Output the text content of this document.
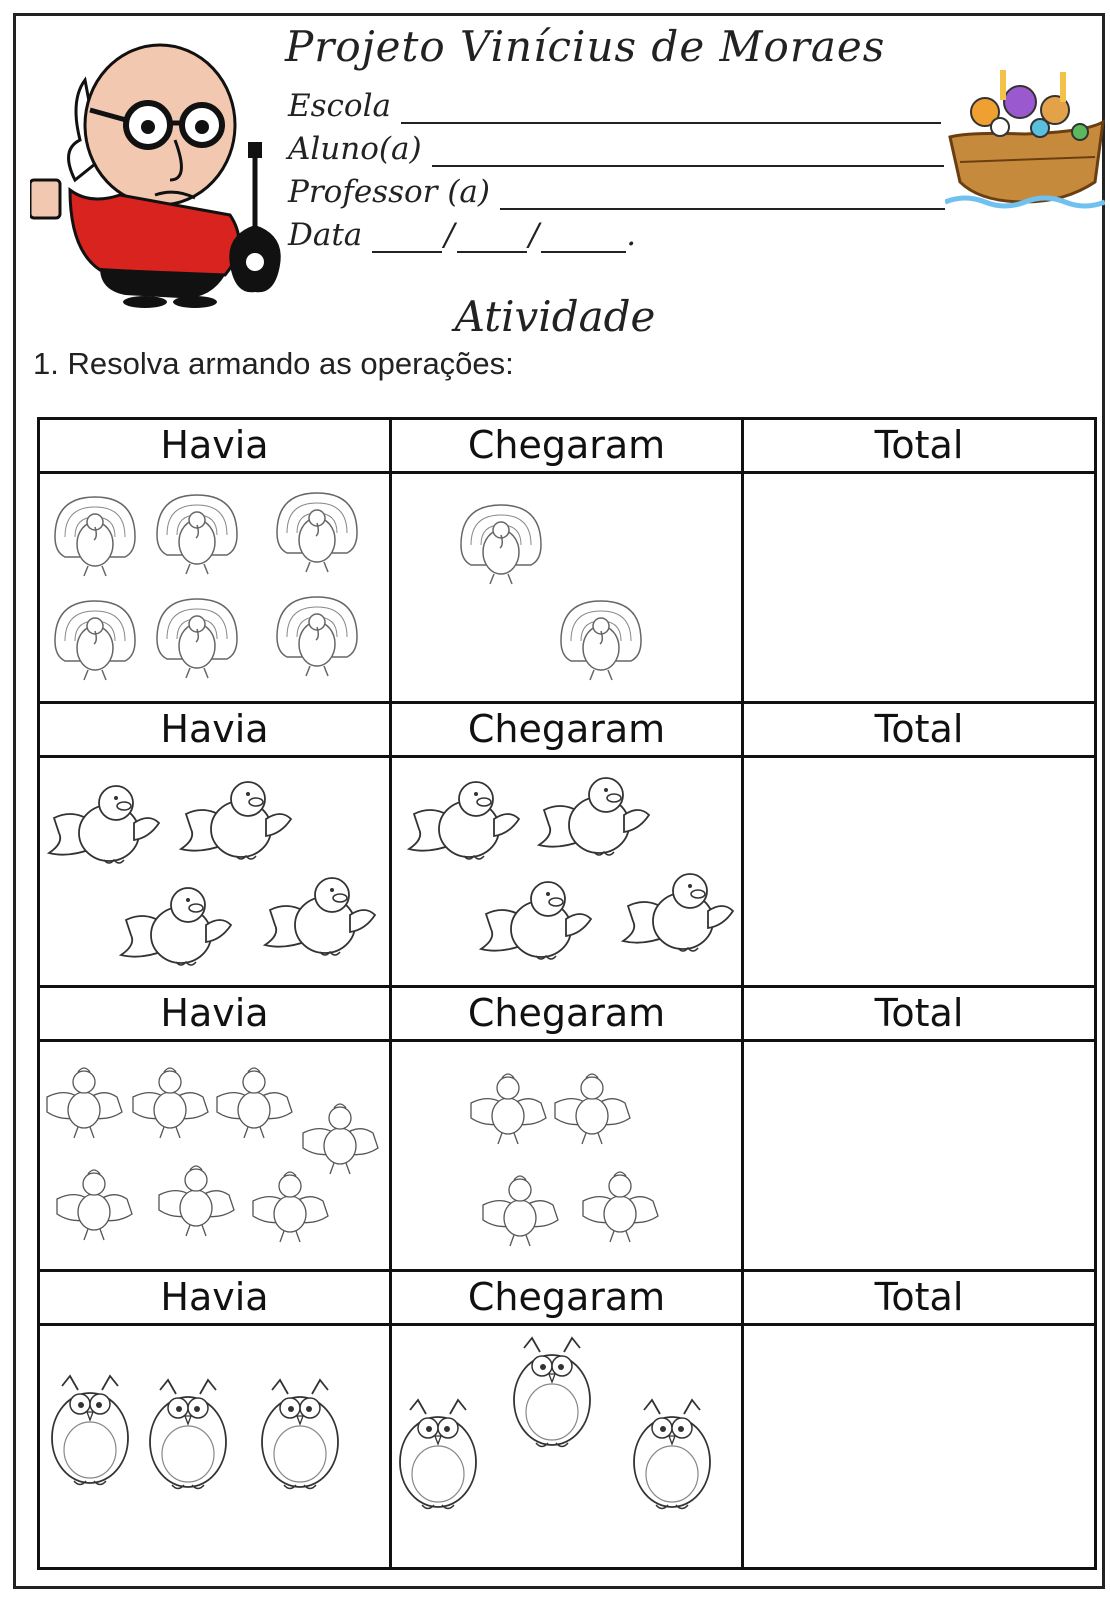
Projeto Vinícius de Moraes
Escola
Aluno(a)
Professor (a)
Data	/ /	.
Atividade
1. Resolva armando as operações:
Havia	Chegaram	Total
Havia	Chegaram	Total
Havia	Chegaram	Total
Havia	Chegaram	Total
